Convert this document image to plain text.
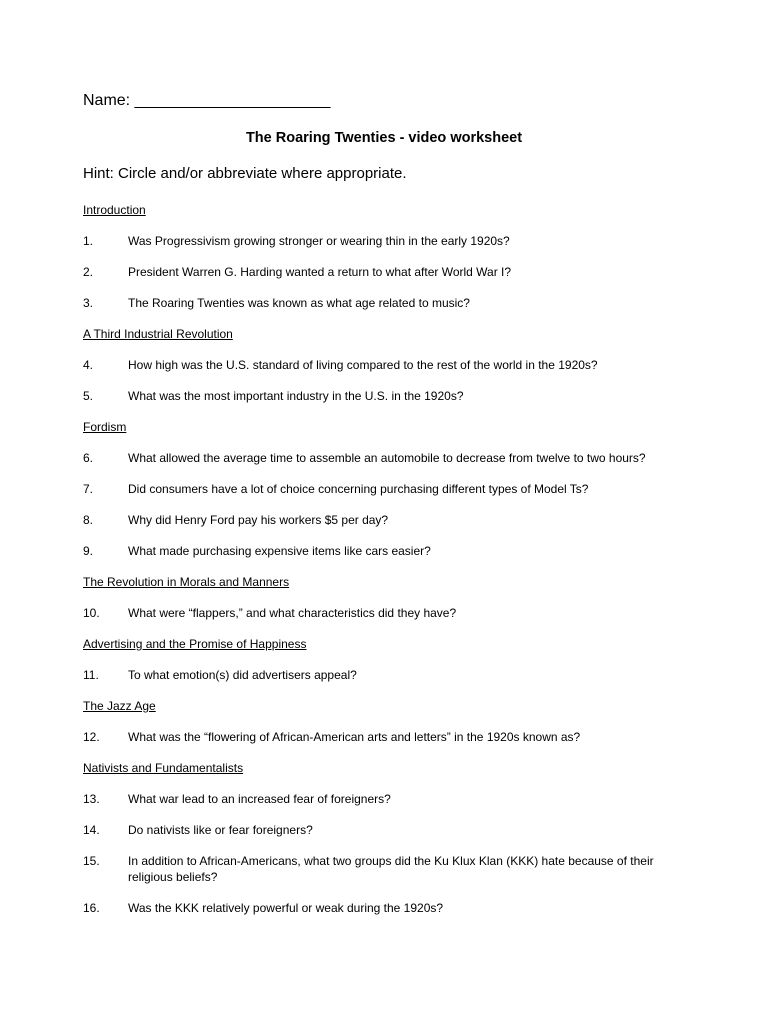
Name: ______________________
The Roaring Twenties - video worksheet
Hint: Circle and/or abbreviate where appropriate.
Introduction
1.	Was Progressivism growing stronger or wearing thin in the early 1920s?
2.	President Warren G. Harding wanted a return to what after World War I?
3.	The Roaring Twenties was known as what age related to music?
A Third Industrial Revolution
4.	How high was the U.S. standard of living compared to the rest of the world in the 1920s?
5.	What was the most important industry in the U.S. in the 1920s?
Fordism
6.	What allowed the average time to assemble an automobile to decrease from twelve to two hours?
7.	Did consumers have a lot of choice concerning purchasing different types of Model Ts?
8.	Why did Henry Ford pay his workers $5 per day?
9.	What made purchasing expensive items like cars easier?
The Revolution in Morals and Manners
10.	What were “flappers,” and what characteristics did they have?
Advertising and the Promise of Happiness
11.	To what emotion(s) did advertisers appeal?
The Jazz Age
12.	What was the “flowering of African-American arts and letters” in the 1920s known as?
Nativists and Fundamentalists
13.	What war lead to an increased fear of foreigners?
14.	Do nativists like or fear foreigners?
15.	In addition to African-Americans, what two groups did the Ku Klux Klan (KKK) hate because of their religious beliefs?
16.	Was the KKK relatively powerful or weak during the 1920s?
